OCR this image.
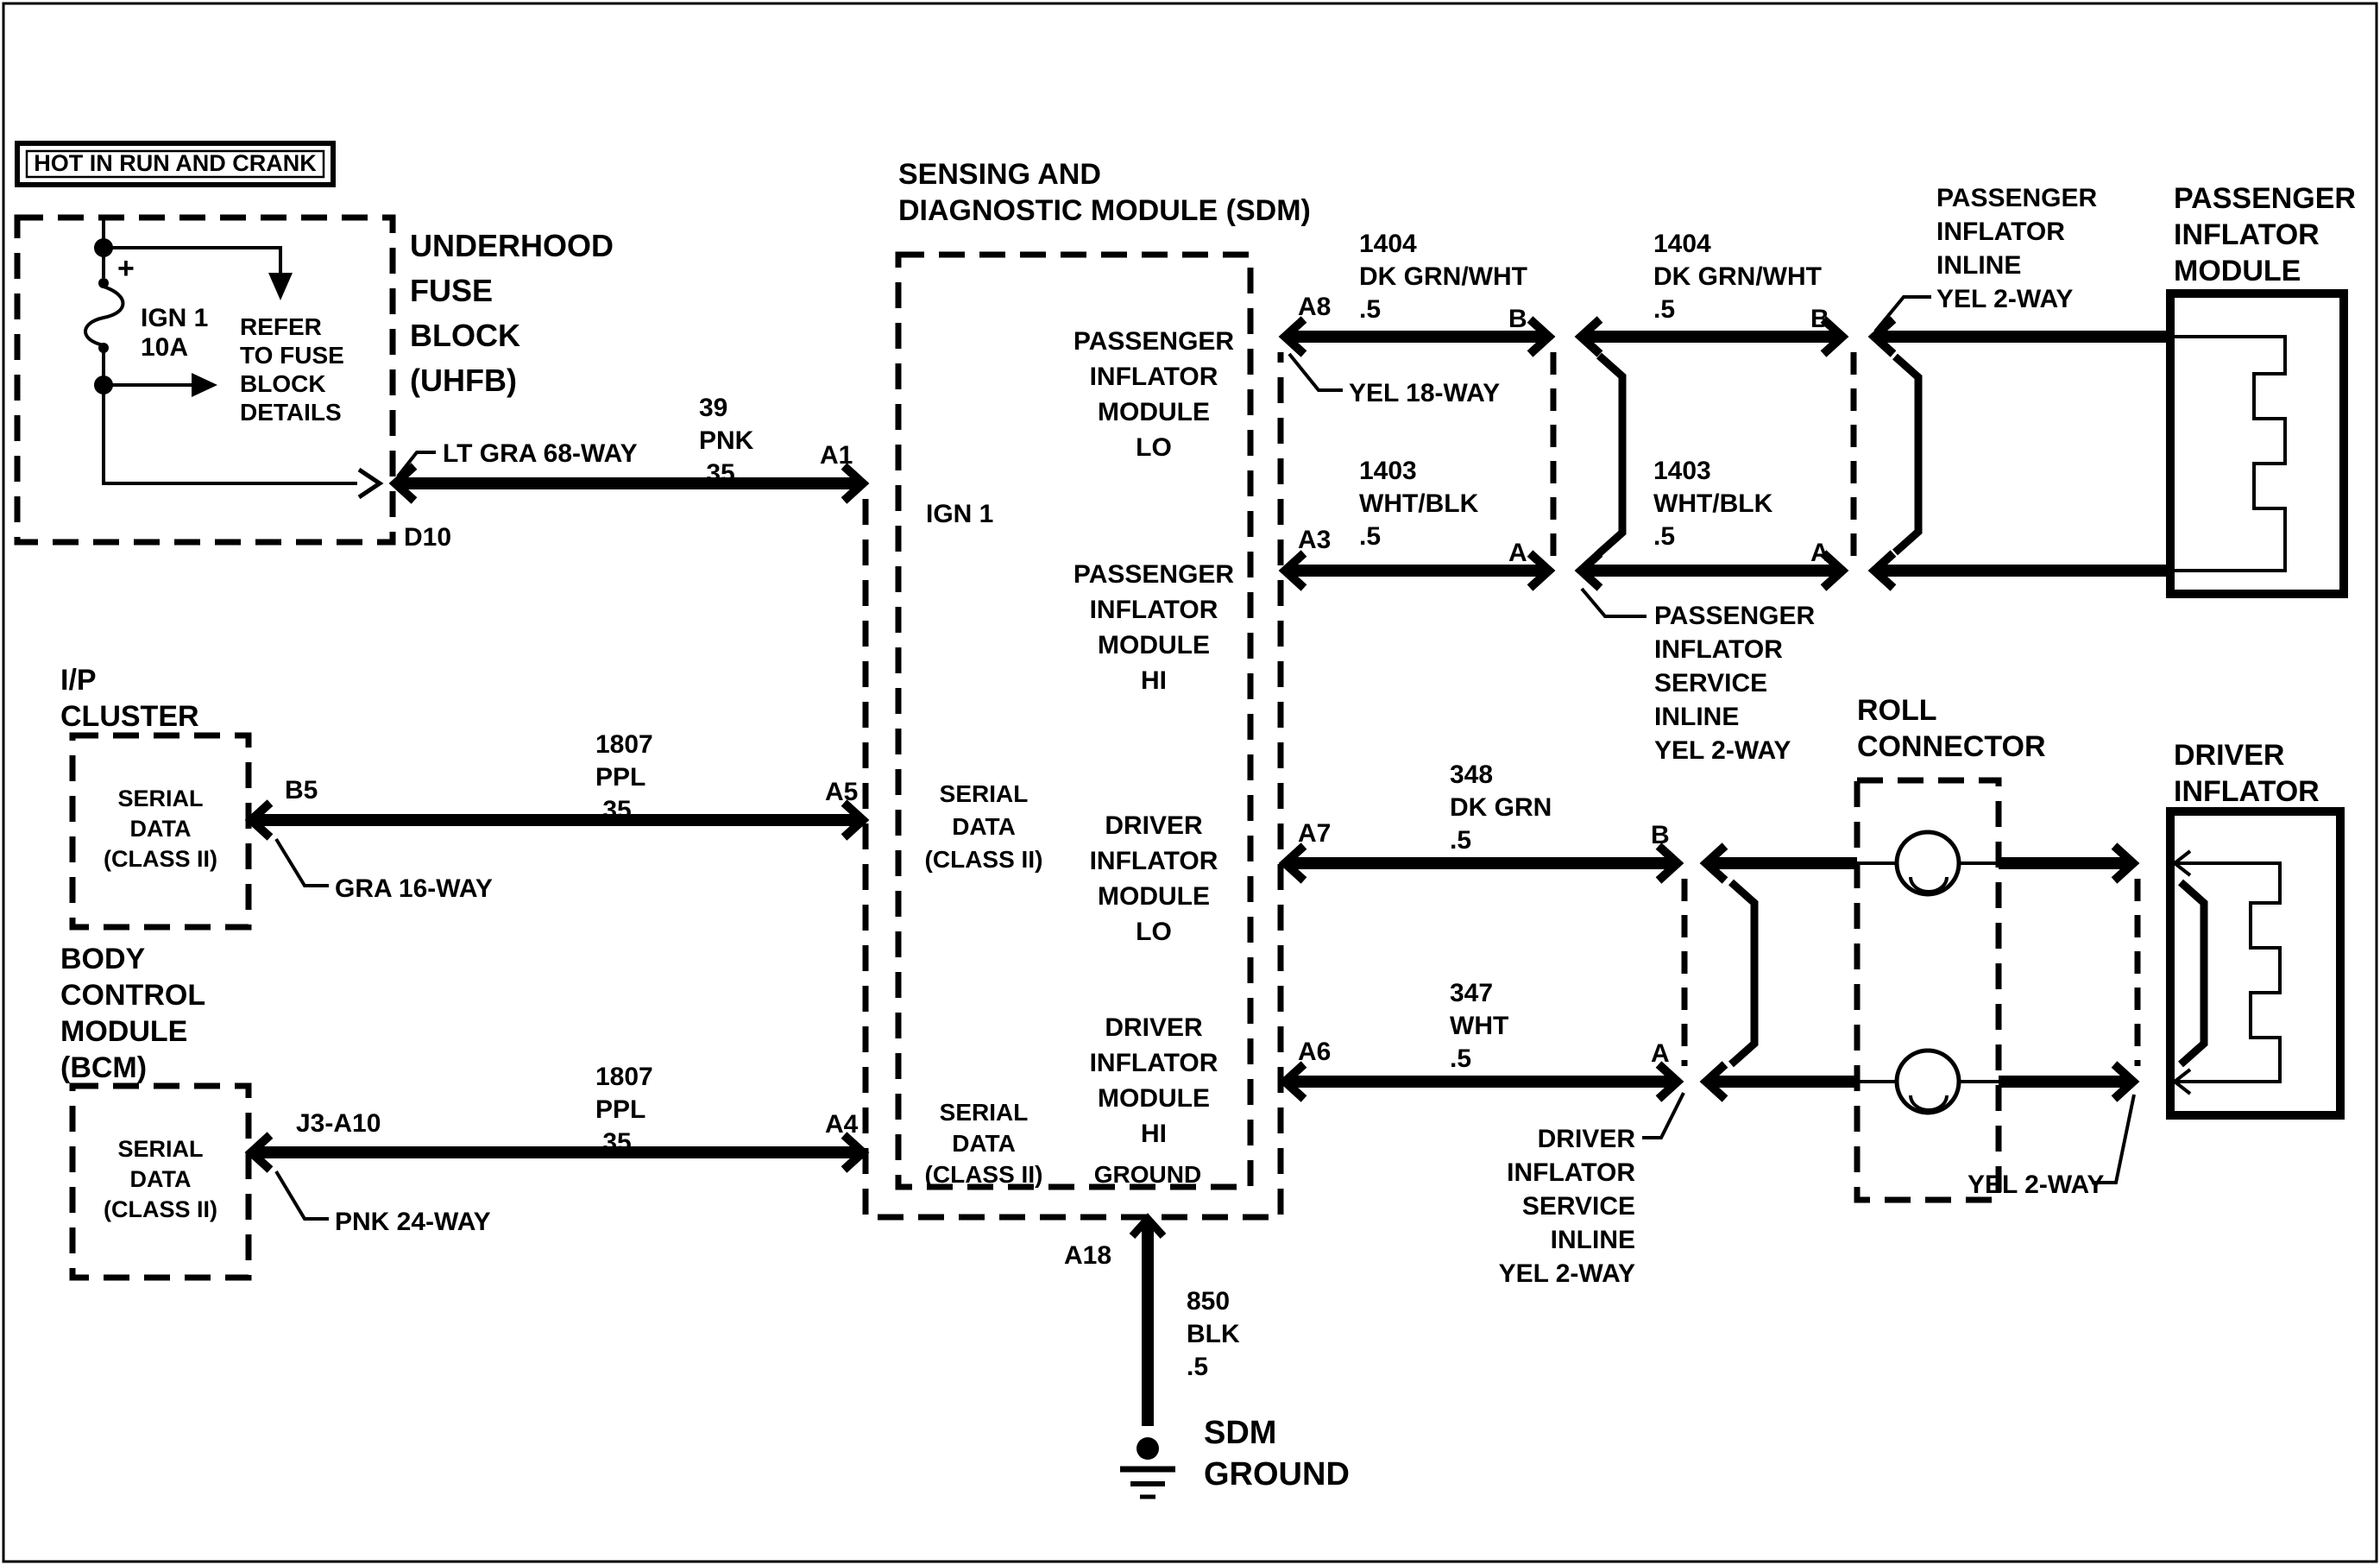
HOT IN RUN AND CRANK
UNDERHOOD
FUSE
BLOCK
(UHFB)
+
IGN 1
10A
REFER
TO FUSE
BLOCK
DETAILS	39
PNK
.35
A1
D10
LT GRA 68-WAY
I/P
CLUSTER
SERIAL
DATA
(CLASS II)
B5
GRA 16-WAY
1807
PPL
.35
A5
BODY
CONTROL
MODULE
(BCM)
SERIAL
DATA
(CLASS II)
J3-A10
PNK 24-WAY
1807
PPL
.35
A4
SENSING AND
DIAGNOSTIC MODULE (SDM)
IGN 1
SERIAL
DATA
(CLASS II)
SERIAL
DATA
(CLASS II) GROUND
PASSENGER
INFLATOR
MODULE
LO
PASSENGER
INFLATOR
MODULE
HI
DRIVER
INFLATOR
MODULE
LO
DRIVER
INFLATOR
MODULE
HI
A8
A3
A7
A6
YEL 18-WAY
1404
DK GRN/WHT
.5	B
1404
DK GRN/WHT
.5	B
1403
WHT/BLK
.5
A
1403
WHT/BLK
.5
A
PASSENGER
INFLATOR
SERVICE
INLINE
YEL 2-WAY
PASSENGER
INFLATOR
INLINE
YEL 2-WAY
PASSENGER
INFLATOR
MODULE
348
DK GRN
.5	B
347
WHT
.5	A
DRIVER
INFLATOR
SERVICE
INLINE
YEL 2-WAY
ROLL
CONNECTOR
YEL 2-WAY
DRIVER
INFLATOR
A18
850
BLK
.5
SDM
GROUND
